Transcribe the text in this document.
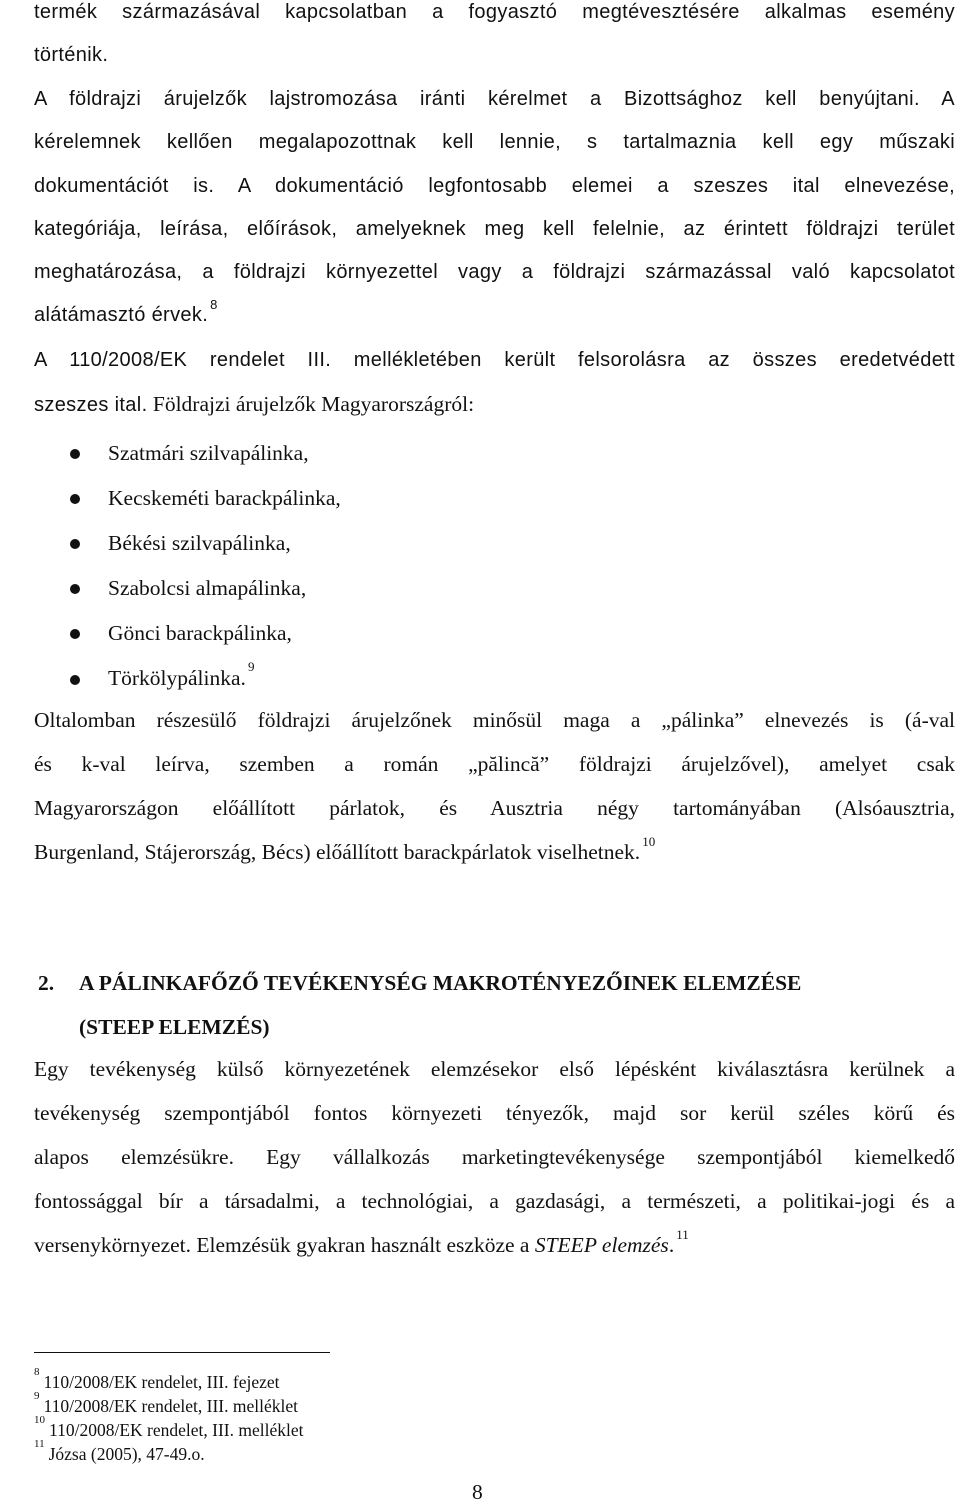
termék származásával kapcsolatban a fogyasztó megtévesztésére alkalmas esemény
történik.
A földrajzi árujelzők lajstromozása iránti kérelmet a Bizottsághoz kell benyújtani. A
kérelemnek kellően megalapozottnak kell lennie, s tartalmaznia kell egy műszaki
dokumentációt is. A dokumentáció legfontosabb elemei a szeszes ital elnevezése,
kategóriája, leírása, előírások, amelyeknek meg kell felelnie, az érintett földrajzi terület
meghatározása, a földrajzi környezettel vagy a földrajzi származással való kapcsolatot
alátámasztó érvek. $^8$
A 110/2008/EK rendelet III. mellékletében került felsorolásra az összes eredetvédett
szeszes ital. Földrajzi árujelzők Magyarországról:
Szatmári szilvapálinka,
Kecskeméti barackpálinka,
Békési szilvapálinka,
Szabolcsi almapálinka,
Gönci barackpálinka,
Törkölypálinka. $^9$
Oltalomban részesülő földrajzi árujelzőnek minősül maga a „pálinka” elnevezés is (á-val
és k-val leírva, szemben a román „pălincă” földrajzi árujelzővel), amelyet csak
Magyarországon előállított párlatok, és Ausztria négy tartományában (Alsóausztria,
Burgenland, Stájerország, Bécs) előállított barackpárlatok viselhetnek. $^{10}$
2. A PÁLINKAFŐZŐ TEVÉKENYSÉG MAKROTÉNYEZŐINEK ELEMZÉSE
(STEEP ELEMZÉS)
Egy tevékenység külső környezetének elemzésekor első lépésként kiválasztásra kerülnek a
tevékenység szempontjából fontos környezeti tényezők, majd sor kerül széles körű és
alapos elemzésükre. Egy vállalkozás marketingtevékenysége szempontjából kiemelkedő
fontossággal bír a társadalmi, a technológiai, a gazdasági, a természeti, a politikai-jogi és a
versenykörnyezet. Elemzésük gyakran használt eszköze a STEEP elemzés. $^{11}$
$^8$ 110/2008/EK rendelet, III. fejezet
$^9$ 110/2008/EK rendelet, III. melléklet
$^{10}$ 110/2008/EK rendelet, III. melléklet
$^{11}$ Józsa (2005), 47-49.o.
8
